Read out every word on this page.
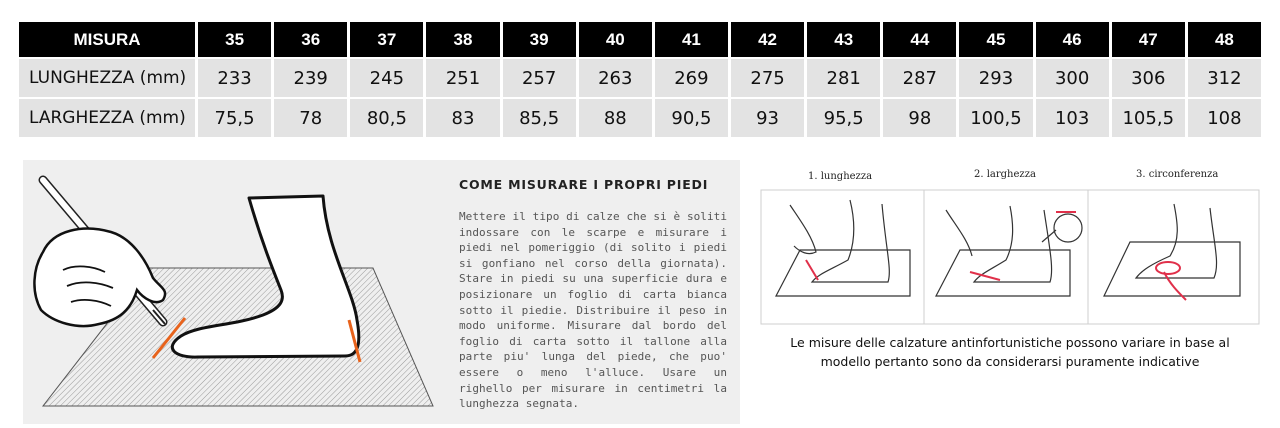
MISURA	35	36	37	38	39	40	41	42	43	44	45	46	47	48
LUNGHEZZA (mm)	233	239	245	251	257	263	269	275	281	287	293	300	306	312
LARGHEZZA (mm)	75,5	78	80,5	83	85,5	88	90,5	93	95,5	98	100,5	103	105,5	108
COME MISURARE I PROPRI PIEDI
Mettere il tipo di calze che si è soliti indossare con le scarpe e misurare i piedi nel pomeriggio (di solito i piedi si gonfiano nel corso della giornata). Stare in piedi su una superficie dura e posizionare un foglio di carta bianca sotto il piedie. Distribuire il peso in modo uniforme. Misurare dal bordo del foglio di carta sotto il tallone alla parte piu' lunga del piede, che puo' essere o meno l'alluce. Usare un righello per misurare in centimetri la lunghezza segnata.
1. lunghezza	2. larghezza	3. circonferenza
Le misure delle calzature antinfortunistiche possono variare in base al modello pertanto sono da considerarsi puramente indicative
